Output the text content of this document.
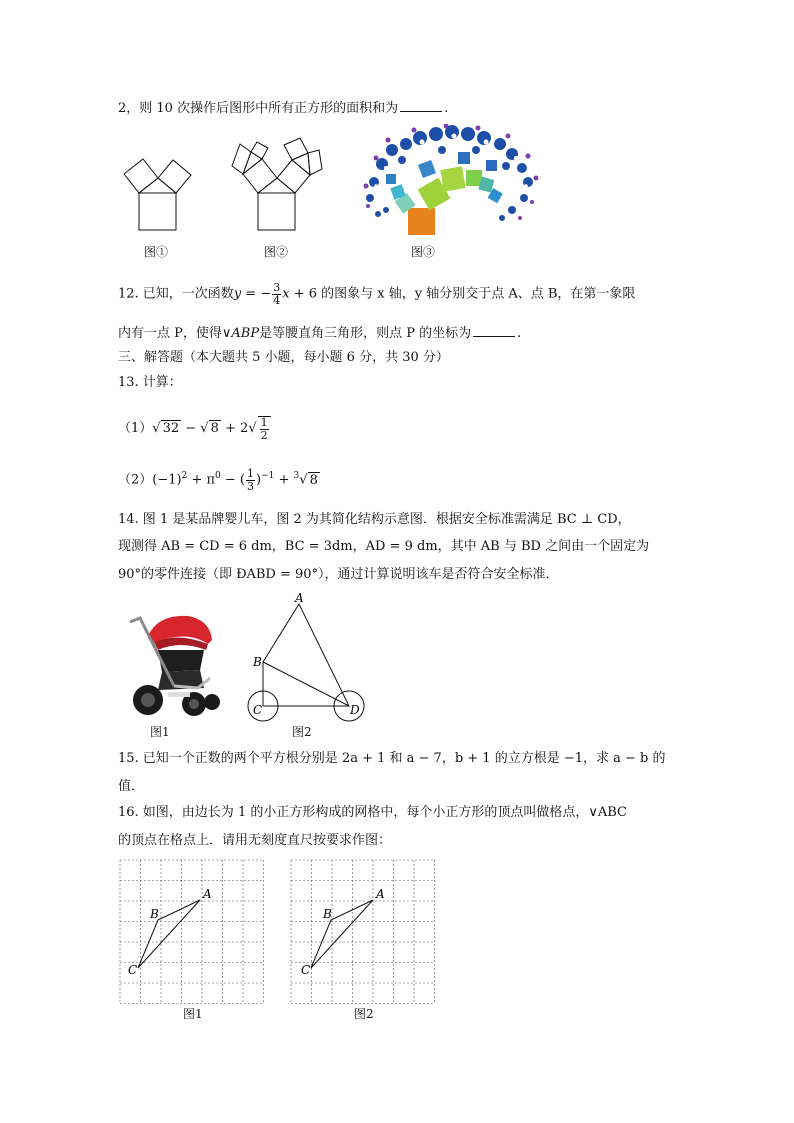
2，则 10 次操作后图形中所有正方形的面积和为	.
图①	图②	图③
12. 已知，一次函数y = − $\frac{3}{4}$ x + 6 的图象与 x 轴，y 轴分别交于点 A、点 B，在第一象限
内有一点 P，使得∨ABP是等腰直角三角形，则点 P 的坐标为	.
三、解答题（本大题共 5 小题，每小题 6 分，共 30 分）
13. 计算：
（1）√ 32 − √ $8 + 2√ \frac{1}{2}$
$(2)(-1)^2 + \pi^0$ − ( $\frac{1}{3} )^{-1} + ^3√$ 8
14. 图 1 是某品牌婴儿车，图 2 为其简化结构示意图．根据安全标准需满足 BC ⊥ CD，
现测得 AB = CD = 6 dm，BC = 3dm，AD = 9 dm，其中 AB 与 BD 之间由一个固定为
90°的零件连接（即 ÐABD = 90°），通过计算说明该车是否符合安全标准．
图1
A
B
C	D
图2
15. 已知一个正数的两个平方根分别是 2a + 1 和 a − 7，b + 1 的立方根是 −1，求 a − b 的
值．
16. 如图，由边长为 1 的小正方形构成的网格中，每个小正方形的顶点叫做格点，∨ABC
的顶点在格点上．请用无刻度直尺按要求作图：
A
B
C
图1
A
B
C
图2
